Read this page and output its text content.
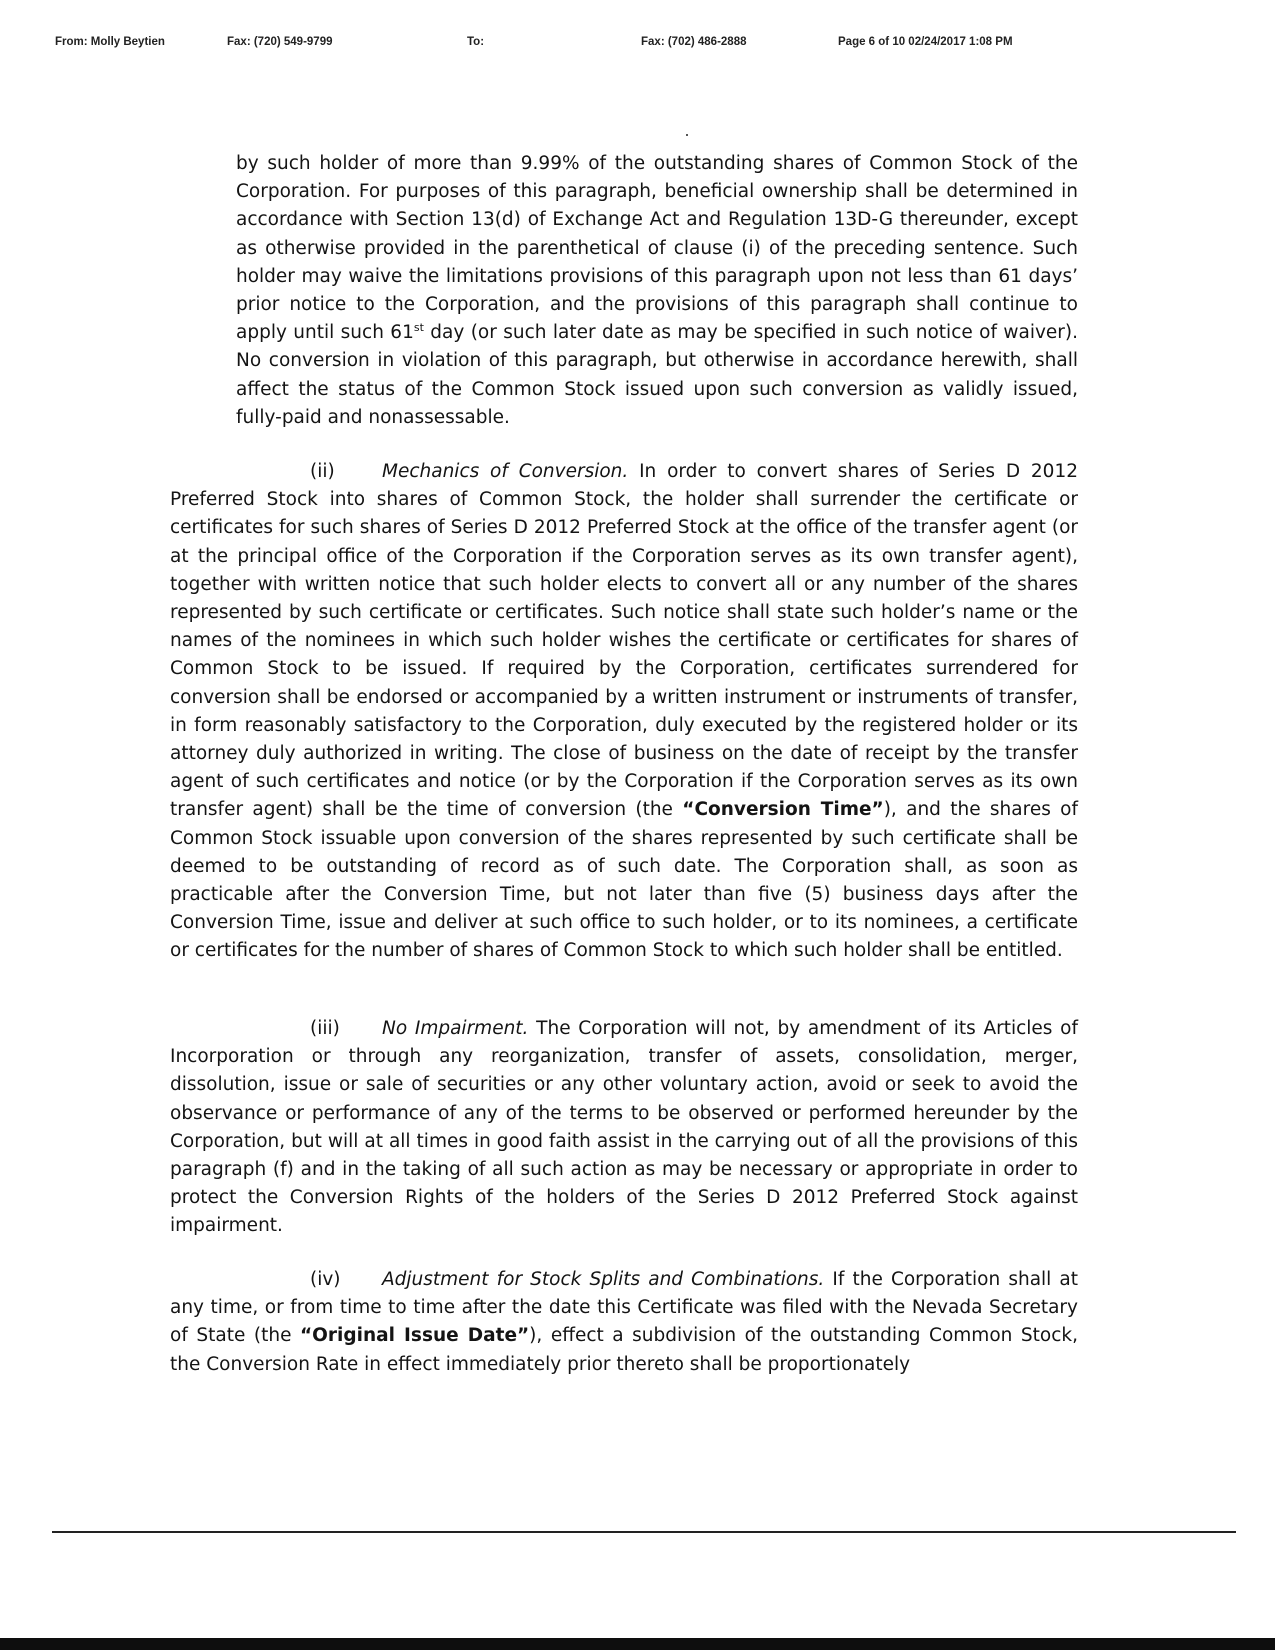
From: Molly Beytien	Fax: (720) 549-9799	To:	Fax: (702) 486-2888	Page 6 of 10 02/24/2017 1:08 PM

by such holder of more than 9.99% of the outstanding shares of Common Stock of the Corporation. For purposes of this paragraph, beneficial ownership shall be determined in accordance with Section 13(d) of Exchange Act and Regulation 13D-G thereunder, except as otherwise provided in the parenthetical of clause (i) of the preceding sentence. Such holder may waive the limitations provisions of this paragraph upon not less than 61 days’ prior notice to the Corporation, and the provisions of this paragraph shall continue to apply until such 61st day (or such later date as may be specified in such notice of waiver). No conversion in violation of this paragraph, but otherwise in accordance herewith, shall affect the status of the Common Stock issued upon such conversion as validly issued, fully-paid and nonassessable.

(ii)	Mechanics of Conversion. In order to convert shares of Series D 2012 Preferred Stock into shares of Common Stock, the holder shall surrender the certificate or certificates for such shares of Series D 2012 Preferred Stock at the office of the transfer agent (or at the principal office of the Corporation if the Corporation serves as its own transfer agent), together with written notice that such holder elects to convert all or any number of the shares represented by such certificate or certificates. Such notice shall state such holder’s name or the names of the nominees in which such holder wishes the certificate or certificates for shares of Common Stock to be issued. If required by the Corporation, certificates surrendered for conversion shall be endorsed or accompanied by a written instrument or instruments of transfer, in form reasonably satisfactory to the Corporation, duly executed by the registered holder or its attorney duly authorized in writing. The close of business on the date of receipt by the transfer agent of such certificates and notice (or by the Corporation if the Corporation serves as its own transfer agent) shall be the time of conversion (the “Conversion Time”), and the shares of Common Stock issuable upon conversion of the shares represented by such certificate shall be deemed to be outstanding of record as of such date. The Corporation shall, as soon as practicable after the Conversion Time, but not later than five (5) business days after the Conversion Time, issue and deliver at such office to such holder, or to its nominees, a certificate or certificates for the number of shares of Common Stock to which such holder shall be entitled.

(iii) No Impairment. The Corporation will not, by amendment of its Articles of Incorporation or through any reorganization, transfer of assets, consolidation, merger, dissolution, issue or sale of securities or any other voluntary action, avoid or seek to avoid the observance or performance of any of the terms to be observed or performed hereunder by the Corporation, but will at all times in good faith assist in the carrying out of all the provisions of this paragraph (f) and in the taking of all such action as may be necessary or appropriate in order to protect the Conversion Rights of the holders of the Series D 2012 Preferred Stock against impairment.

(iv) Adjustment for Stock Splits and Combinations. If the Corporation shall at any time, or from time to time after the date this Certificate was filed with the Nevada Secretary of State (the “Original Issue Date”), effect a subdivision of the outstanding Common Stock, the Conversion Rate in effect immediately prior thereto shall be proportionately
